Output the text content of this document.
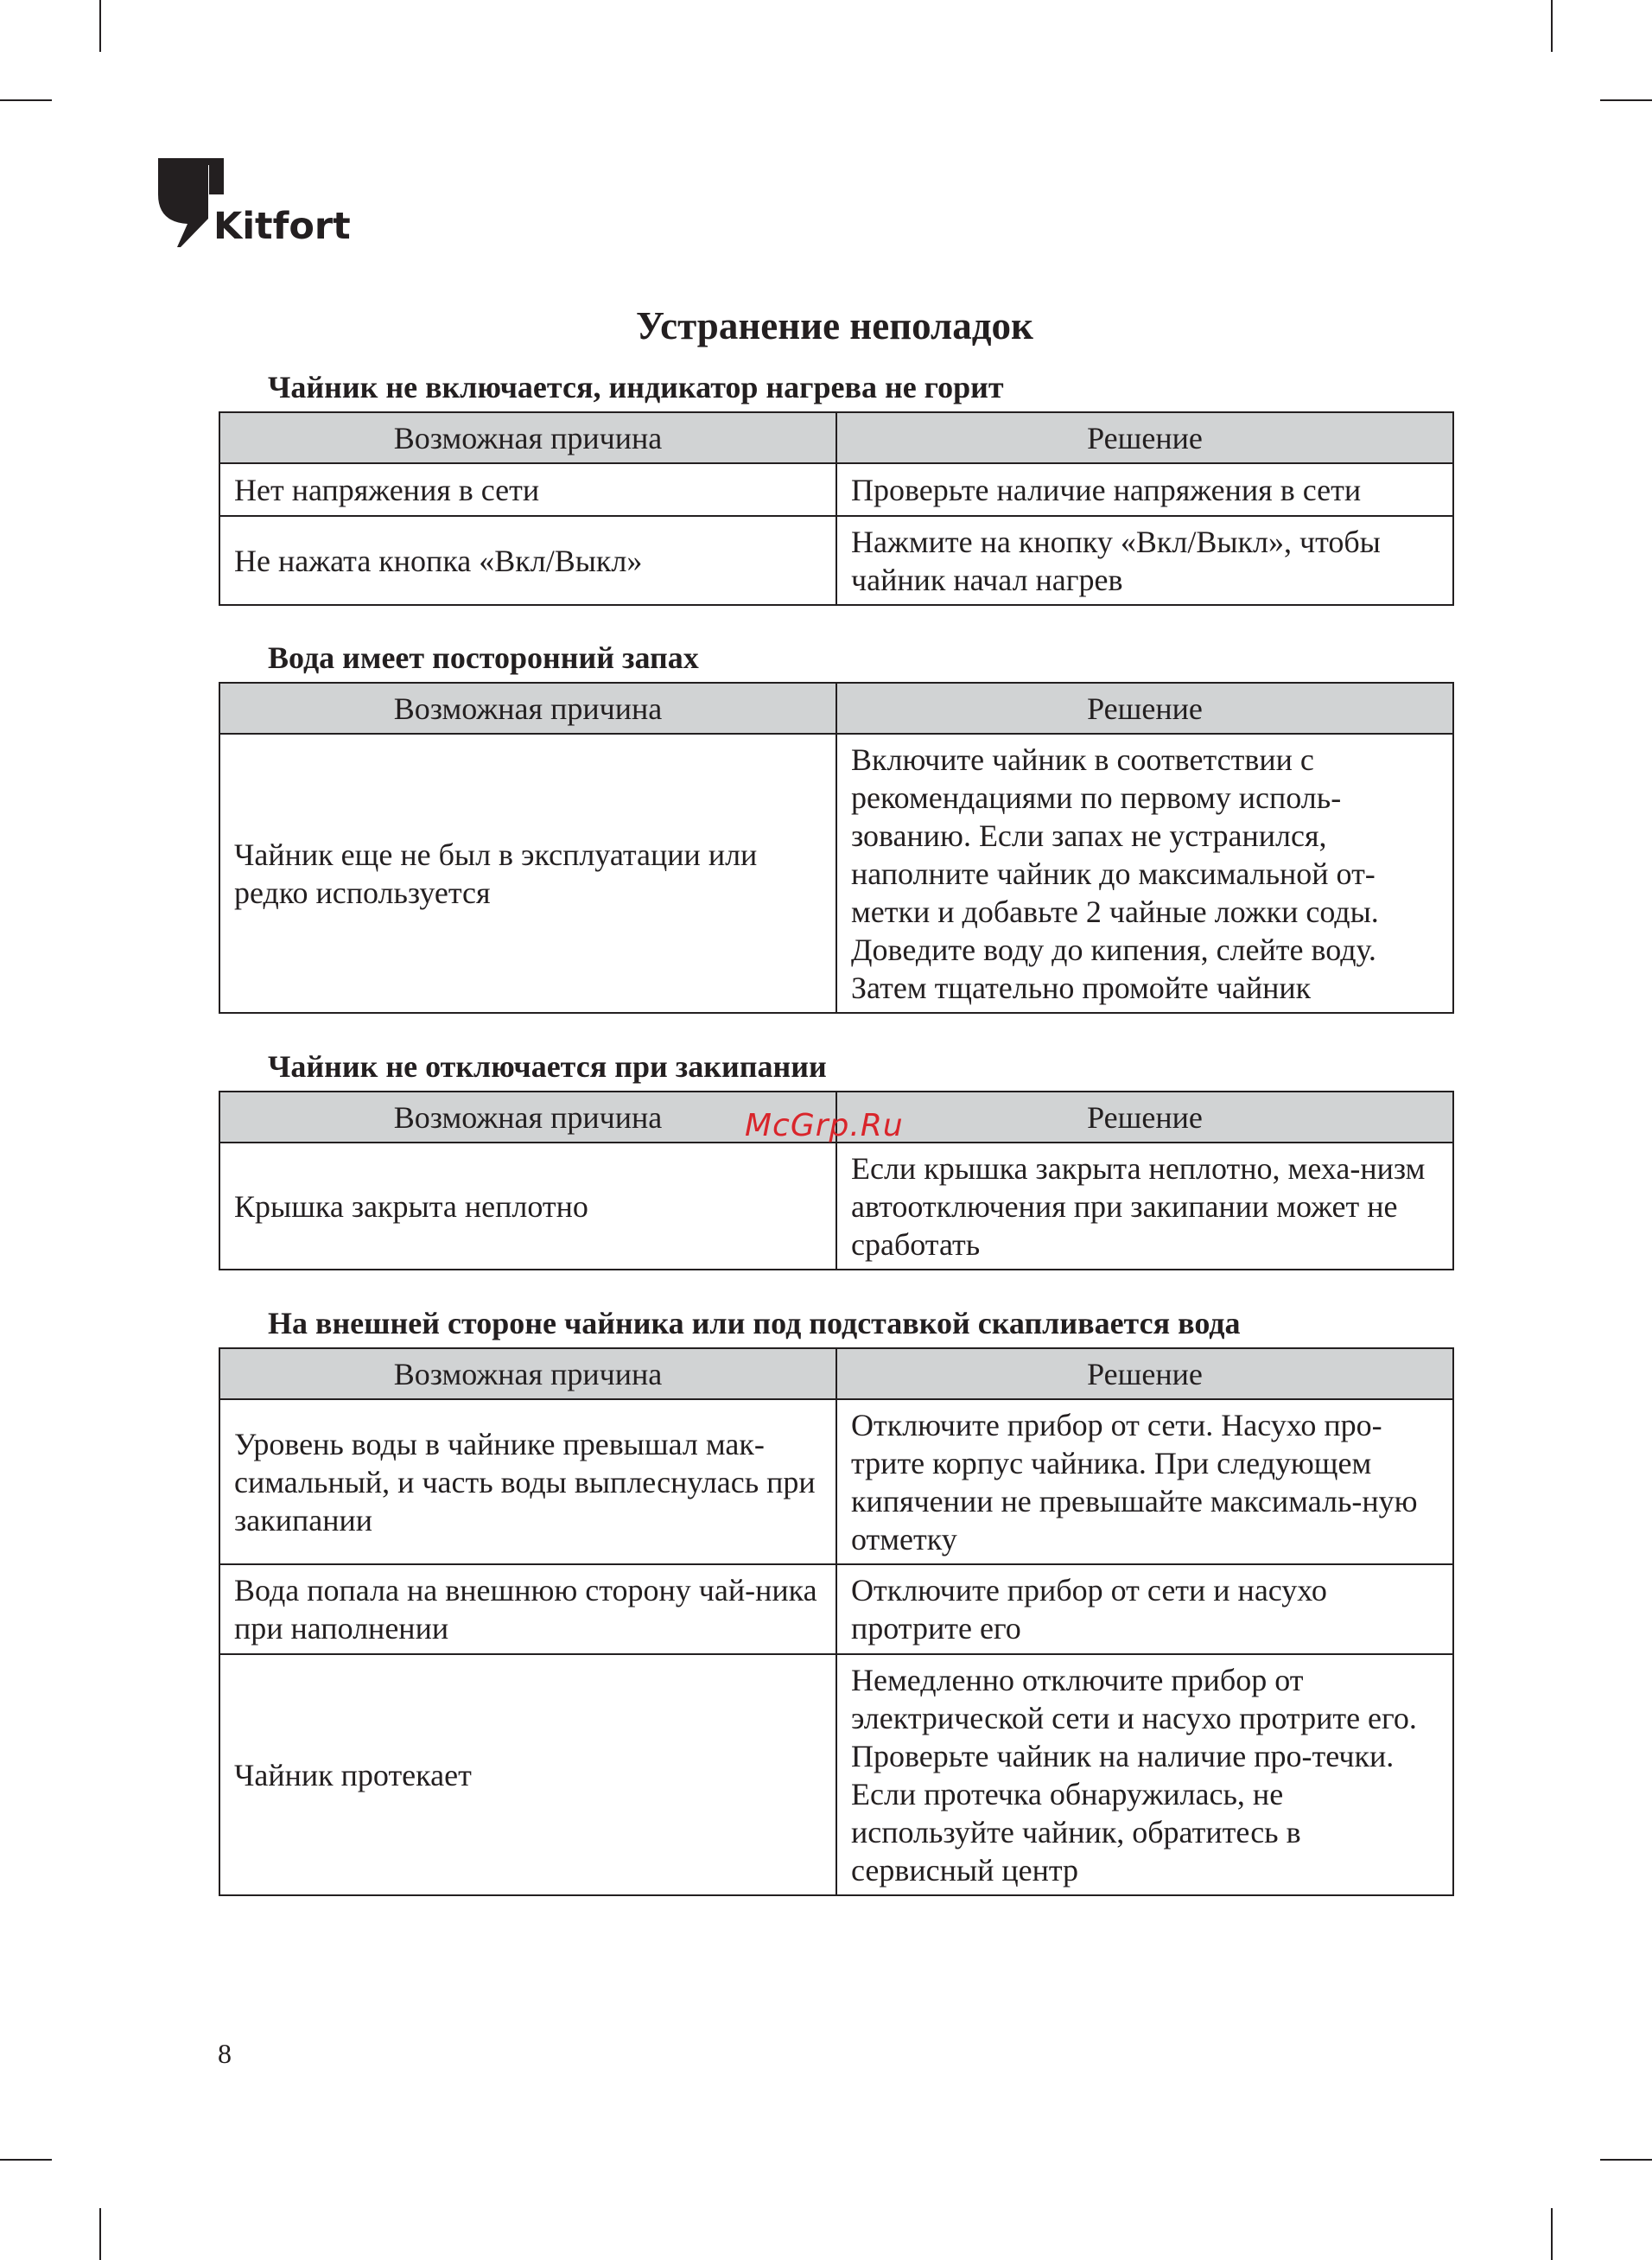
Kitfort
Устранение неполадок
Чайник не включается, индикатор нагрева не горит
Возможная причина	Решение
Нет напряжения в сети	Проверьте наличие напряжения в сети
Не нажата кнопка «Вкл/Выкл»	Нажмите на кнопку «Вкл/Выкл», чтобы чайник начал нагрев
Вода имеет посторонний запах
Возможная причина	Решение
Чайник еще не был в эксплуатации или редко используется	Включите чайник в соответствии с рекомендациями по первому исполь-зованию. Если запах не устранился, наполните чайник до максимальной от-метки и добавьте 2 чайные ложки соды. Доведите воду до кипения, слейте воду. Затем тщательно промойте чайник
Чайник не отключается при закипании
Возможная причина	Решение
Крышка закрыта неплотно	Если крышка закрыта неплотно, меха-низм автоотключения при закипании может не сработать
На внешней стороне чайника или под подставкой скапливается вода
Возможная причина	Решение
Уровень воды в чайнике превышал мак-симальный, и часть воды выплеснулась при закипании	Отключите прибор от сети. Насухо про-трите корпус чайника. При следующем кипячении не превышайте максималь-ную отметку
Вода попала на внешнюю сторону чай-ника при наполнении	Отключите прибор от сети и насухо протрите его
Чайник протекает	Немедленно отключите прибор от электрической сети и насухо протрите его. Проверьте чайник на наличие про-течки. Если протечка обнаружилась, не используйте чайник, обратитесь в сервисный центр
McGrp.Ru
8
